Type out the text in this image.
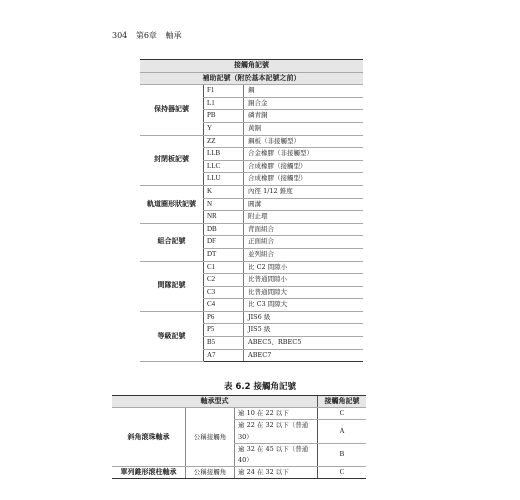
304 第6章 軸承
接觸角記號		
補助記號（附於基本記號之前）		
保持器記號	F1	鋼
	L1	銅合金
	PB	磷青銅
	Y	黃銅
封閉板記號	ZZ	鋼板（非接觸型）
	LLB	合金橡膠（非接觸型）
	LLC	合成橡膠（接觸型）
	LLU	合成橡膠（接觸型）
軌道圈形狀記號	K	內徑 1/12 錐度
	N	圓溝
	NR	附止環
組合記號	DB	背面組合
	DF	正面組合
	DT	並列組合
間隊記號	C1	比 C2 間隙小
	C2	比普通間隙小
	C3	比普通間隙大
	C4	比 C3 間隙大
等級記號	P6	JIS6 級
	P5	JIS5 級
	B5	ABEC5、RBEC5
	A7	ABEC7
表 6.2 接觸角記號
軸承型式			接觸角記號
斜角滾珠軸承	公稱接觸角	逾 10 在 22 以下	C
		逾 22 在 32 以下（普通 30）	A
		逾 32 在 45 以下（普通 40）	B
單列錐形滾柱軸承	公稱接觸角	逾 24 在 32 以下	C
